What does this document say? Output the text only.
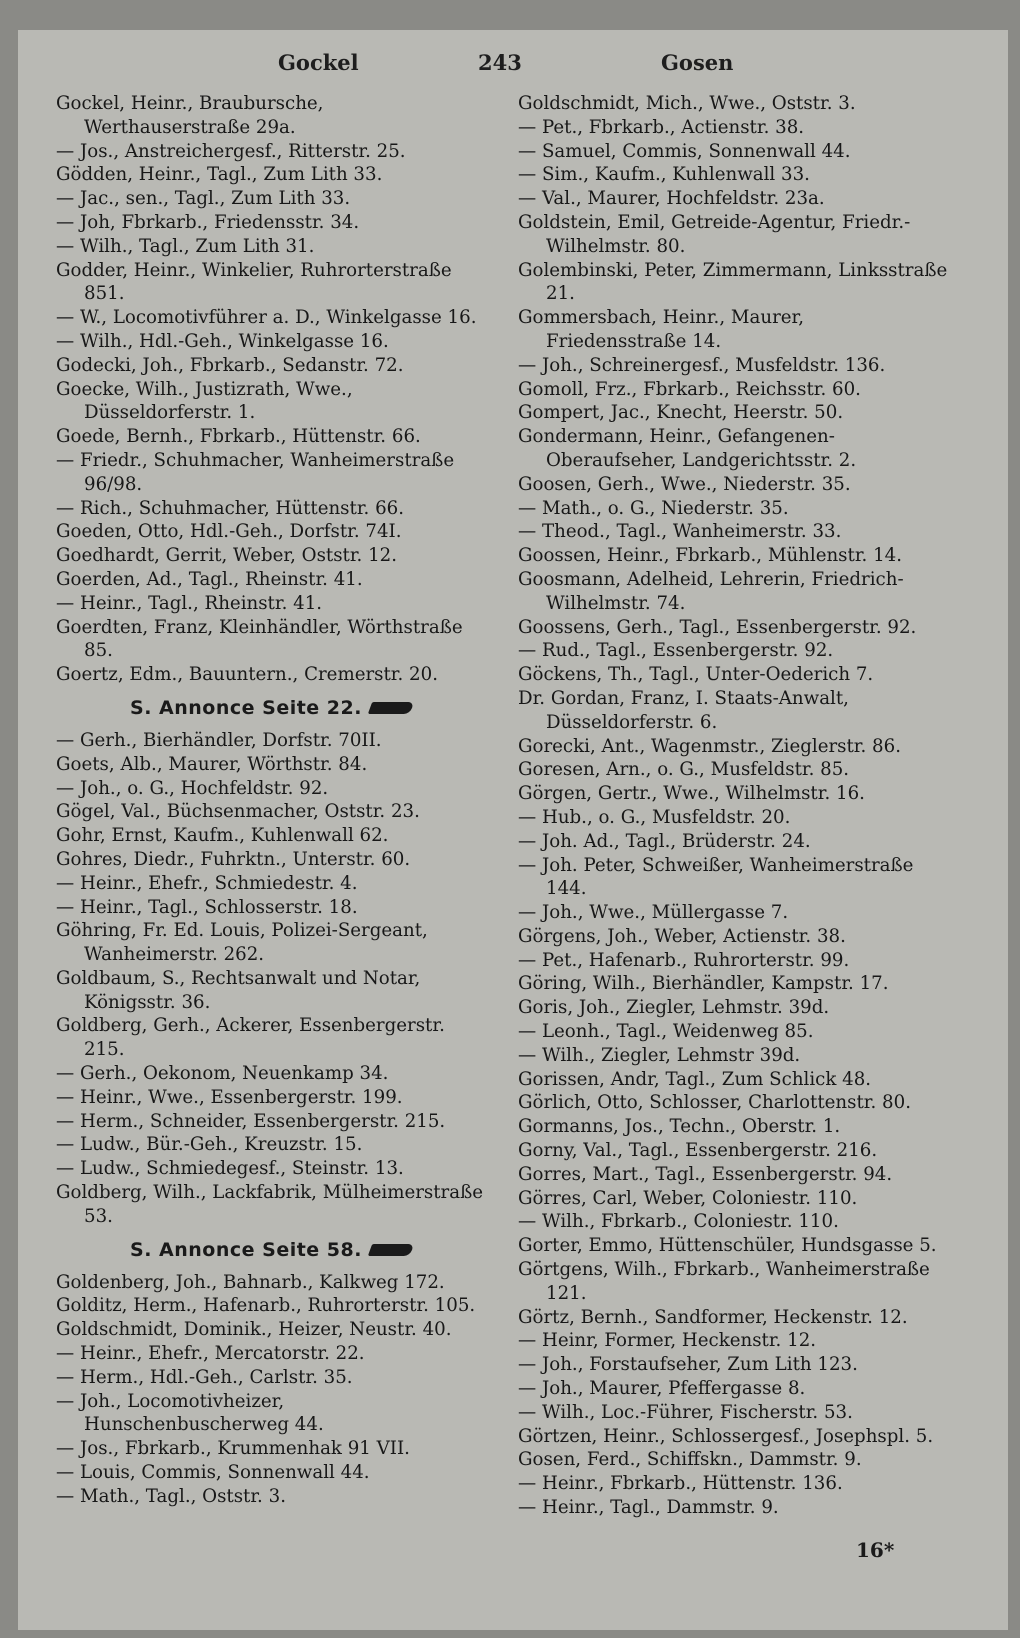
Gockel	243	Gosen
Gockel, Heinr., Braubursche, Werthauserstraße 29a.
— Jos., Anstreichergesf., Ritterstr. 25.
Gödden, Heinr., Tagl., Zum Lith 33.
— Jac., sen., Tagl., Zum Lith 33.
— Joh, Fbrkarb., Friedensstr. 34.
— Wilh., Tagl., Zum Lith 31.
Godder, Heinr., Winkelier, Ruhrorterstraße 851.
— W., Locomotivführer a. D., Winkelgasse 16.
— Wilh., Hdl.-Geh., Winkelgasse 16.
Godecki, Joh., Fbrkarb., Sedanstr. 72.
Goecke, Wilh., Justizrath, Wwe., Düsseldorferstr. 1.
Goede, Bernh., Fbrkarb., Hüttenstr. 66.
— Friedr., Schuhmacher, Wanheimerstraße 96/98.
— Rich., Schuhmacher, Hüttenstr. 66.
Goeden, Otto, Hdl.-Geh., Dorfstr. 74I.
Goedhardt, Gerrit, Weber, Oststr. 12.
Goerden, Ad., Tagl., Rheinstr. 41.
— Heinr., Tagl., Rheinstr. 41.
Goerdten, Franz, Kleinhändler, Wörthstraße 85.
Goertz, Edm., Bauuntern., Cremerstr. 20.
S. Annonce Seite 22.
— Gerh., Bierhändler, Dorfstr. 70II.
Goets, Alb., Maurer, Wörthstr. 84.
— Joh., o. G., Hochfeldstr. 92.
Gögel, Val., Büchsenmacher, Oststr. 23.
Gohr, Ernst, Kaufm., Kuhlenwall 62.
Gohres, Diedr., Fuhrktn., Unterstr. 60.
— Heinr., Ehefr., Schmiedestr. 4.
— Heinr., Tagl., Schlosserstr. 18.
Göhring, Fr. Ed. Louis, Polizei-Sergeant, Wanheimerstr. 262.
Goldbaum, S., Rechtsanwalt und Notar, Königsstr. 36.
Goldberg, Gerh., Ackerer, Essenbergerstr. 215.
— Gerh., Oekonom, Neuenkamp 34.
— Heinr., Wwe., Essenbergerstr. 199.
— Herm., Schneider, Essenbergerstr. 215.
— Ludw., Bür.-Geh., Kreuzstr. 15.
— Ludw., Schmiedegesf., Steinstr. 13.
Goldberg, Wilh., Lackfabrik, Mülheimerstraße 53.
S. Annonce Seite 58.
Goldenberg, Joh., Bahnarb., Kalkweg 172.
Golditz, Herm., Hafenarb., Ruhrorterstr. 105.
Goldschmidt, Dominik., Heizer, Neustr. 40.
— Heinr., Ehefr., Mercatorstr. 22.
— Herm., Hdl.-Geh., Carlstr. 35.
— Joh., Locomotivheizer, Hunschenbuscherweg 44.
— Jos., Fbrkarb., Krummenhak 91 VII.
— Louis, Commis, Sonnenwall 44.
— Math., Tagl., Oststr. 3.
Goldschmidt, Mich., Wwe., Oststr. 3.
— Pet., Fbrkarb., Actienstr. 38.
— Samuel, Commis, Sonnenwall 44.
— Sim., Kaufm., Kuhlenwall 33.
— Val., Maurer, Hochfeldstr. 23a.
Goldstein, Emil, Getreide-Agentur, Friedr.-Wilhelmstr. 80.
Golembinski, Peter, Zimmermann, Linksstraße 21.
Gommersbach, Heinr., Maurer, Friedensstraße 14.
— Joh., Schreinergesf., Musfeldstr. 136.
Gomoll, Frz., Fbrkarb., Reichsstr. 60.
Gompert, Jac., Knecht, Heerstr. 50.
Gondermann, Heinr., Gefangenen-Oberaufseher, Landgerichtsstr. 2.
Goosen, Gerh., Wwe., Niederstr. 35.
— Math., o. G., Niederstr. 35.
— Theod., Tagl., Wanheimerstr. 33.
Goossen, Heinr., Fbrkarb., Mühlenstr. 14.
Goosmann, Adelheid, Lehrerin, Friedrich-Wilhelmstr. 74.
Goossens, Gerh., Tagl., Essenbergerstr. 92.
— Rud., Tagl., Essenbergerstr. 92.
Göckens, Th., Tagl., Unter-Oederich 7.
Dr. Gordan, Franz, I. Staats-Anwalt, Düsseldorferstr. 6.
Gorecki, Ant., Wagenmstr., Zieglerstr. 86.
Goresen, Arn., o. G., Musfeldstr. 85.
Görgen, Gertr., Wwe., Wilhelmstr. 16.
— Hub., o. G., Musfeldstr. 20.
— Joh. Ad., Tagl., Brüderstr. 24.
— Joh. Peter, Schweißer, Wanheimerstraße 144.
— Joh., Wwe., Müllergasse 7.
Görgens, Joh., Weber, Actienstr. 38.
— Pet., Hafenarb., Ruhrorterstr. 99.
Göring, Wilh., Bierhändler, Kampstr. 17.
Goris, Joh., Ziegler, Lehmstr. 39d.
— Leonh., Tagl., Weidenweg 85.
— Wilh., Ziegler, Lehmstr 39d.
Gorissen, Andr, Tagl., Zum Schlick 48.
Görlich, Otto, Schlosser, Charlottenstr. 80.
Gormanns, Jos., Techn., Oberstr. 1.
Gorny, Val., Tagl., Essenbergerstr. 216.
Gorres, Mart., Tagl., Essenbergerstr. 94.
Görres, Carl, Weber, Coloniestr. 110.
— Wilh., Fbrkarb., Coloniestr. 110.
Gorter, Emmo, Hüttenschüler, Hundsgasse 5.
Görtgens, Wilh., Fbrkarb., Wanheimerstraße 121.
Görtz, Bernh., Sandformer, Heckenstr. 12.
— Heinr, Former, Heckenstr. 12.
— Joh., Forstaufseher, Zum Lith 123.
— Joh., Maurer, Pfeffergasse 8.
— Wilh., Loc.-Führer, Fischerstr. 53.
Görtzen, Heinr., Schlossergesf., Josephspl. 5.
Gosen, Ferd., Schiffskn., Dammstr. 9.
— Heinr., Fbrkarb., Hüttenstr. 136.
— Heinr., Tagl., Dammstr. 9.
16*
